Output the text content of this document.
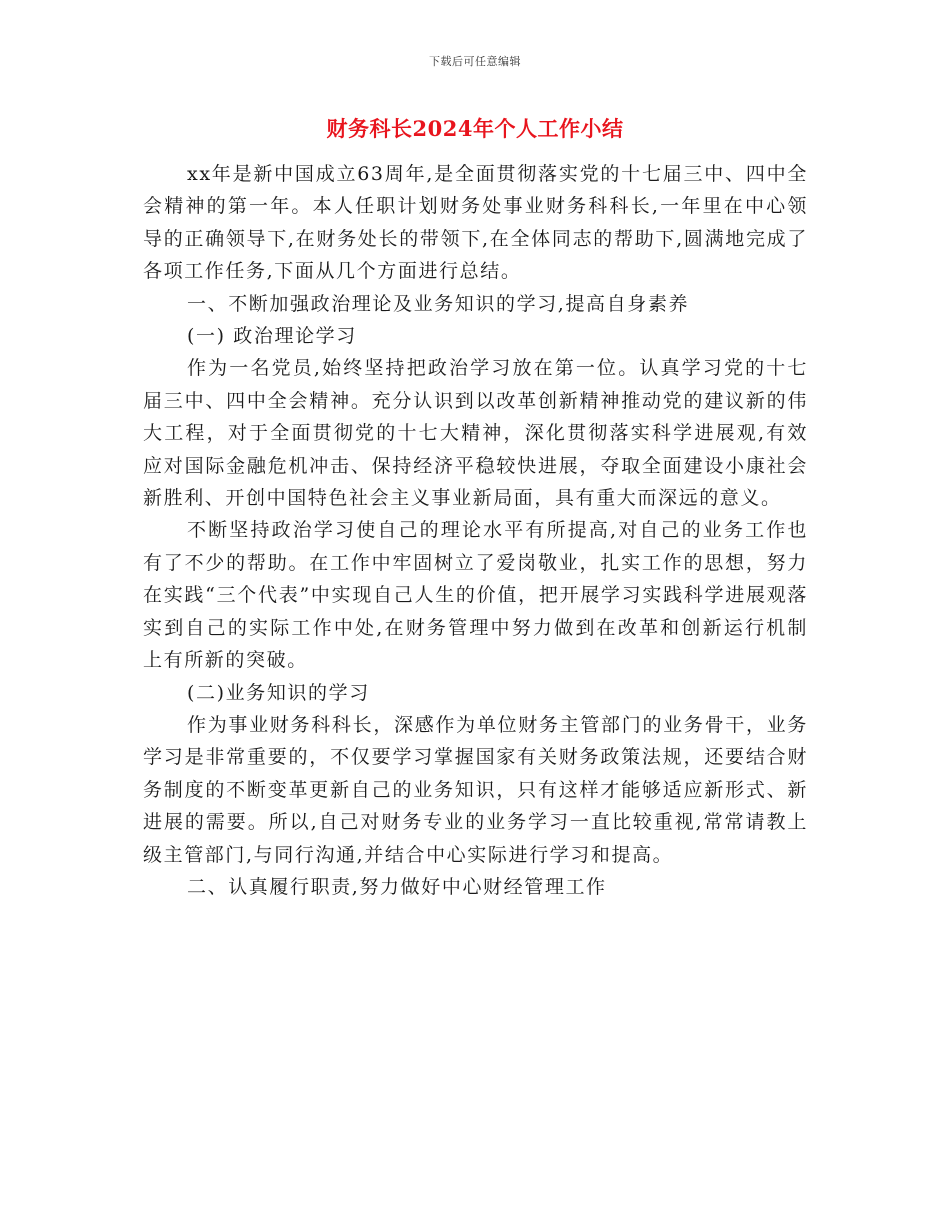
下载后可任意编辑
财务科长2024年个人工作小结

xx年是新中国成立63周年,是全面贯彻落实党的十七届三中、四中全会精神的第一年。本人任职计划财务处事业财务科科长,一年里在中心领导的正确领导下,在财务处长的带领下,在全体同志的帮助下,圆满地完成了各项工作任务,下面从几个方面进行总结。

一、不断加强政治理论及业务知识的学习,提高自身素养

(一) 政治理论学习

作为一名党员,始终坚持把政治学习放在第一位。认真学习党的十七届三中、四中全会精神。充分认识到以改革创新精神推动党的建议新的伟大工程，对于全面贯彻党的十七大精神，深化贯彻落实科学进展观,有效应对国际金融危机冲击、保持经济平稳较快进展，夺取全面建设小康社会新胜利、开创中国特色社会主义事业新局面，具有重大而深远的意义。

不断坚持政治学习使自己的理论水平有所提高,对自己的业务工作也有了不少的帮助。在工作中牢固树立了爱岗敬业，扎实工作的思想，努力在实践“三个代表”中实现自己人生的价值，把开展学习实践科学进展观落实到自己的实际工作中处,在财务管理中努力做到在改革和创新运行机制上有所新的突破。

(二)业务知识的学习

作为事业财务科科长，深感作为单位财务主管部门的业务骨干，业务学习是非常重要的，不仅要学习掌握国家有关财务政策法规，还要结合财务制度的不断变革更新自己的业务知识，只有这样才能够适应新形式、新进展的需要。所以,自己对财务专业的业务学习一直比较重视,常常请教上级主管部门,与同行沟通,并结合中心实际进行学习和提高。

二、认真履行职责,努力做好中心财经管理工作
